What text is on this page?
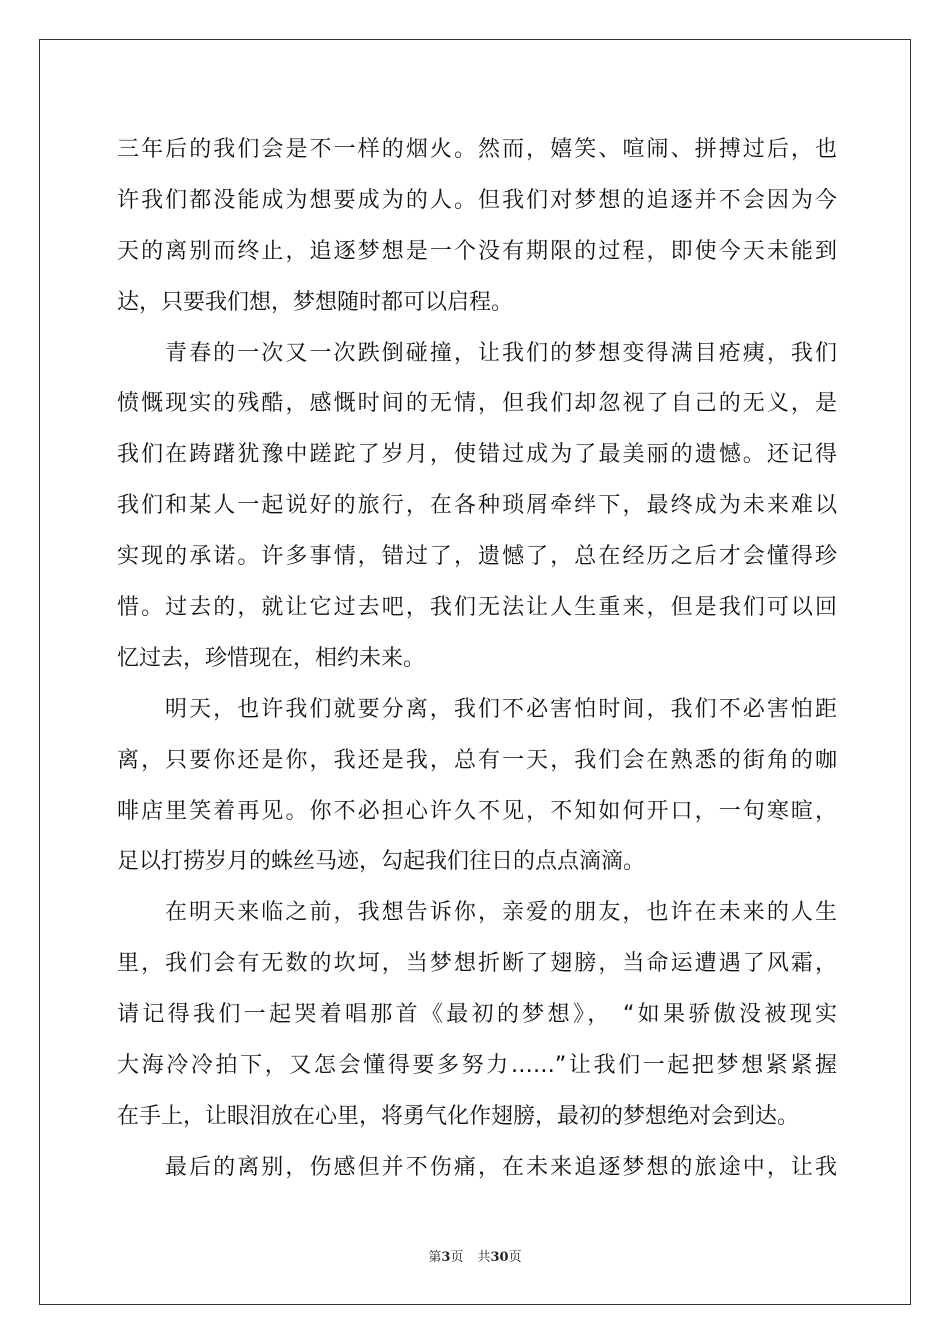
三年后的我们会是不一样的烟火。然而，嬉笑、喧闹、拼搏过后，也
许我们都没能成为想要成为的人。但我们对梦想的追逐并不会因为今
天的离别而终止，追逐梦想是一个没有期限的过程，即使今天未能到
达，只要我们想，梦想随时都可以启程。
青春的一次又一次跌倒碰撞，让我们的梦想变得满目疮痍，我们
愤慨现实的残酷，感慨时间的无情，但我们却忽视了自己的无义，是
我们在踌躇犹豫中蹉跎了岁月，使错过成为了最美丽的遗憾。还记得
我们和某人一起说好的旅行，在各种琐屑牵绊下，最终成为未来难以
实现的承诺。许多事情，错过了，遗憾了，总在经历之后才会懂得珍
惜。过去的，就让它过去吧，我们无法让人生重来，但是我们可以回
忆过去，珍惜现在，相约未来。
明天，也许我们就要分离，我们不必害怕时间，我们不必害怕距
离，只要你还是你，我还是我，总有一天，我们会在熟悉的街角的咖
啡店里笑着再见。你不必担心许久不见，不知如何开口，一句寒暄，
足以打捞岁月的蛛丝马迹，勾起我们往日的点点滴滴。
在明天来临之前，我想告诉你，亲爱的朋友，也许在未来的人生
里，我们会有无数的坎坷，当梦想折断了翅膀，当命运遭遇了风霜，
请记得我们一起哭着唱那首《最初的梦想》， “如果骄傲没被现实
大海冷冷拍下，又怎会懂得要多努力……”让我们一起把梦想紧紧握
在手上，让眼泪放在心里，将勇气化作翅膀，最初的梦想绝对会到达。
最后的离别，伤感但并不伤痛，在未来追逐梦想的旅途中，让我
第3页 共30页
